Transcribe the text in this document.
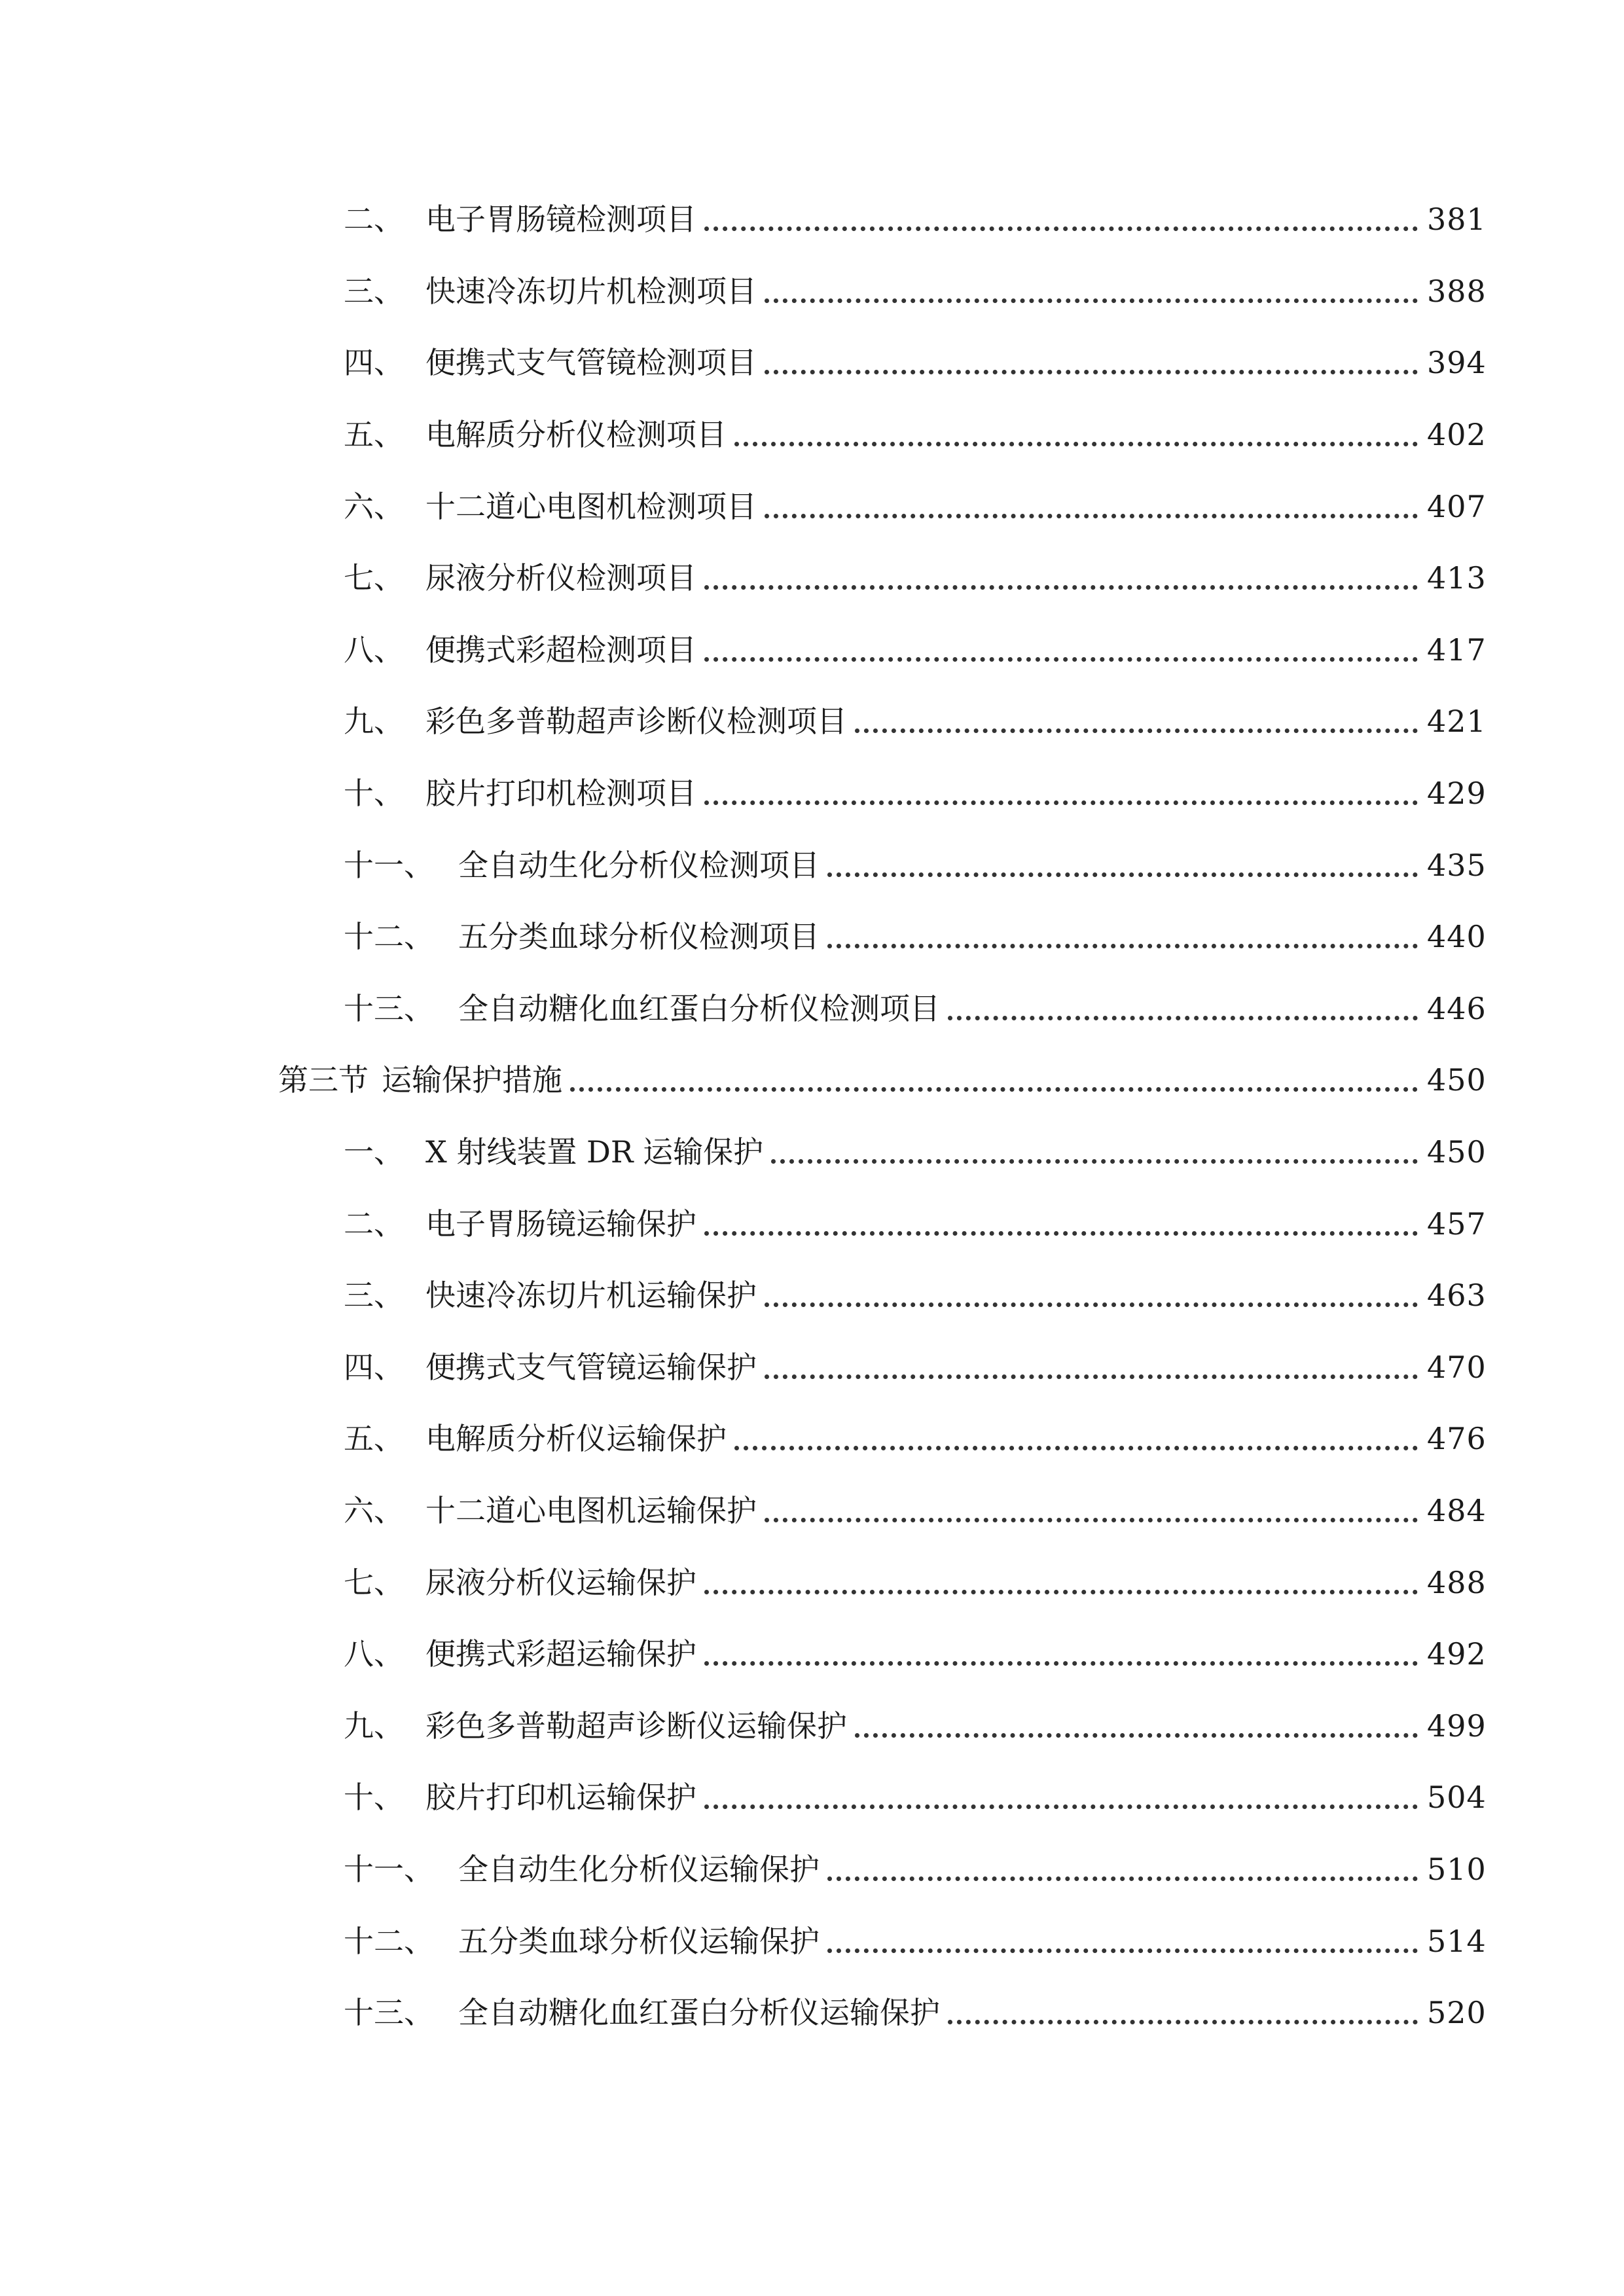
二、 电子胃肠镜检测项目	381
三、 快速冷冻切片机检测项目	388
四、 便携式支气管镜检测项目	394
五、 电解质分析仪检测项目	402
六、 十二道心电图机检测项目	407
七、 尿液分析仪检测项目	413
八、 便携式彩超检测项目	417
九、 彩色多普勒超声诊断仪检测项目	421
十、 胶片打印机检测项目	429
十一、 全自动生化分析仪检测项目	435
十二、 五分类血球分析仪检测项目	440
十三、 全自动糖化血红蛋白分析仪检测项目	446
第三节 运输保护措施	450
一、 X 射线装置 DR 运输保护	450
二、 电子胃肠镜运输保护	457
三、 快速冷冻切片机运输保护	463
四、 便携式支气管镜运输保护	470
五、 电解质分析仪运输保护	476
六、 十二道心电图机运输保护	484
七、 尿液分析仪运输保护	488
八、 便携式彩超运输保护	492
九、 彩色多普勒超声诊断仪运输保护	499
十、 胶片打印机运输保护	504
十一、 全自动生化分析仪运输保护	510
十二、 五分类血球分析仪运输保护	514
十三、 全自动糖化血红蛋白分析仪运输保护	520
